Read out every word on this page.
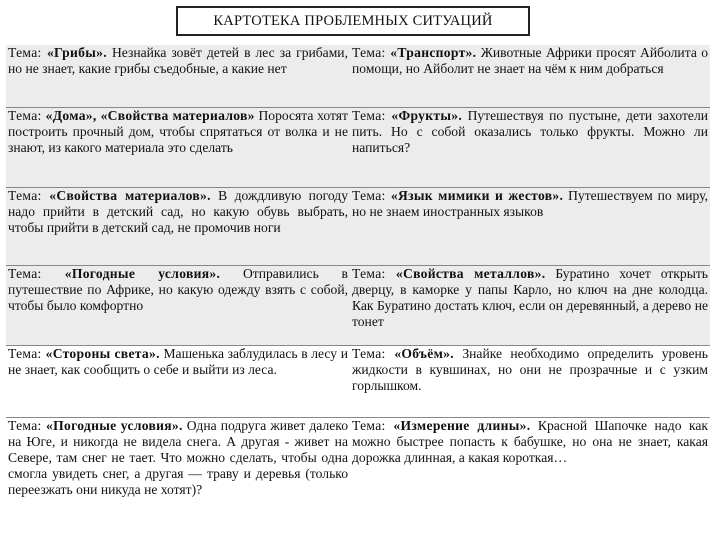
КАРТОТЕКА ПРОБЛЕМНЫХ СИТУАЦИЙ
Тема: «Грибы». Незнайка зовёт детей в лес за грибами, но не знает, какие грибы съедобные, а какие нет	Тема: «Транспорт». Животные Африки просят Айболита о помощи, но Айболит не знает на чём к ним добраться
Тема: «Дома», «Свойства материалов» Поросята хотят построить прочный дом, чтобы спрятаться от волка и не знают, из какого материала это сделать	Тема: «Фрукты». Путешествуя по пустыне, дети захотели пить. Но с собой оказались только фрукты. Можно ли напиться?
Тема: «Свойства материалов». В дождливую погоду надо прийти в детский сад, но какую обувь выбрать, чтобы прийти в детский сад, не промочив ноги	Тема: «Язык мимики и жестов». Путешествуем по миру, но не знаем иностранных языков
Тема: «Погодные условия». Отправились в путешествие по Африке, но какую одежду взять с собой, чтобы было комфортно	Тема: «Свойства металлов». Буратино хочет открыть дверцу, в каморке у папы Карло, но ключ на дне колодца. Как Буратино достать ключ, если он деревянный, а дерево не тонет
Тема: «Стороны света». Машенька заблудилась в лесу и не знает, как сообщить о себе и выйти из леса.	Тема: «Объём». Знайке необходимо определить уровень жидкости в кувшинах, но они не прозрачные и с узким горлышком.
Тема: «Погодные условия». Одна подруга живет далеко на Юге, и никогда не видела снега. А другая - живет на Севере, там снег не тает. Что можно сделать, чтобы одна смогла увидеть снег, а другая — траву и деревья (только переезжать они никуда не хотят)?	Тема: «Измерение длины». Красной Шапочке надо как можно быстрее попасть к бабушке, но она не знает, какая дорожка длинная, а какая короткая…
